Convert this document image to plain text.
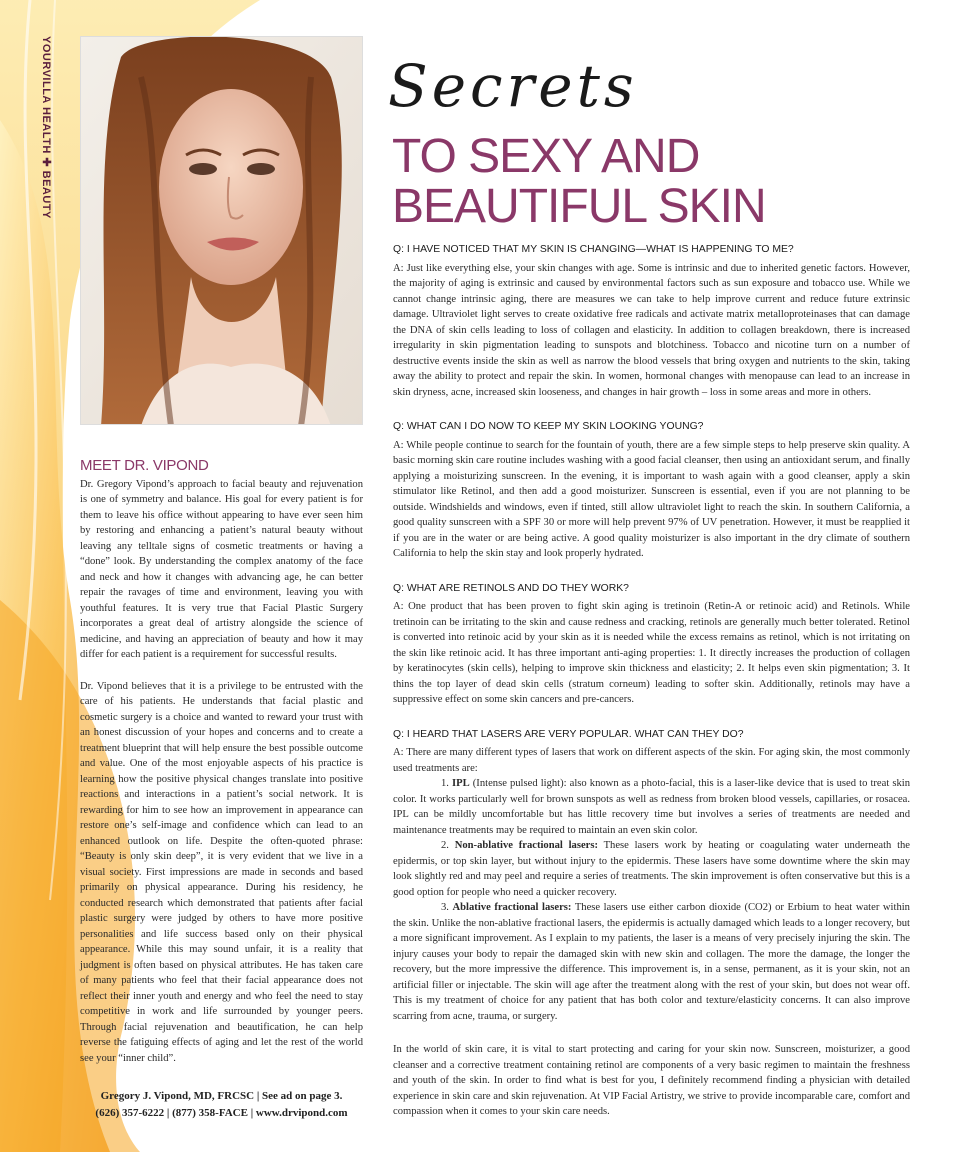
YOURVILLA HEALTH ✚ BEAUTY	Secrets
TO SEXY AND
BEAUTIFUL SKIN
Q: I HAVE NOTICED THAT MY SKIN IS CHANGING—WHAT IS HAPPENING TO ME?
A: Just like everything else, your skin changes with age. Some is intrinsic and due to inherited genetic factors. However, the majority of aging is extrinsic and caused by environmental factors such as sun exposure and tobacco use. While we cannot change intrinsic aging, there are measures we can take to help improve current and reduce future extrinsic damage. Ultraviolet light serves to create oxidative free radicals and activate matrix metalloproteinases that can damage the DNA of skin cells leading to loss of collagen and elasticity. In addition to collagen breakdown, there is increased irregularity in skin pigmentation leading to sunspots and blotchiness. Tobacco and nicotine turn on a number of destructive events inside the skin as well as narrow the blood vessels that bring oxygen and nutrients to the skin, taking away the ability to protect and repair the skin. In women, hormonal changes with menopause can lead to an increase in skin dryness, acne, increased skin looseness, and changes in hair growth – loss in some areas and more in others.
Q: WHAT CAN I DO NOW TO KEEP MY SKIN LOOKING YOUNG?
A: While people continue to search for the fountain of youth, there are a few simple steps to help preserve skin quality. A basic morning skin care routine includes washing with a good facial cleanser, then using an antioxidant serum, and finally applying a moisturizing sunscreen. In the evening, it is important to wash again with a good cleanser, apply a skin stimulator like Retinol, and then add a good moisturizer. Sunscreen is essential, even if you are not planning to be outside. Windshields and windows, even if tinted, still allow ultraviolet light to reach the skin. In southern California, a good quality sunscreen with a SPF 30 or more will help prevent 97% of UV penetration. However, it must be reapplied it if you are in the water or are being active. A good quality moisturizer is also important in the dry climate of southern California to help the skin stay and look properly hydrated.
Q: WHAT ARE RETINOLS AND DO THEY WORK?
A: One product that has been proven to fight skin aging is tretinoin (Retin-A or retinoic acid) and Retinols. While tretinoin can be irritating to the skin and cause redness and cracking, retinols are generally much better tolerated. Retinol is converted into retinoic acid by your skin as it is needed while the excess remains as retinol, which is not irritating on the skin like retinoic acid. It has three important anti-aging properties: 1. It directly increases the production of collagen by keratinocytes (skin cells), helping to improve skin thickness and elasticity; 2. It helps even skin pigmentation; 3. It thins the top layer of dead skin cells (stratum corneum) leading to softer skin. Additionally, retinols may have a suppressive effect on some skin cancers and pre-cancers.
Q: I HEARD THAT LASERS ARE VERY POPULAR. WHAT CAN THEY DO?
A: There are many different types of lasers that work on different aspects of the skin. For aging skin, the most commonly used treatments are:

1. IPL (Intense pulsed light): also known as a photo-facial, this is a laser-like device that is used to treat skin color. It works particularly well for brown sunspots as well as redness from broken blood vessels, capillaries, or rosacea. IPL can be mildly uncomfortable but has little recovery time but involves a series of treatments are needed and maintenance treatments may be required to maintain an even skin color.

2. Non-ablative fractional lasers: These lasers work by heating or coagulating water underneath the epidermis, or top skin layer, but without injury to the epidermis. These lasers have some downtime where the skin may look slightly red and may peel and require a series of treatments. The skin improvement is often conservative but this is a good option for people who need a quicker recovery.

3. Ablative fractional lasers: These lasers use either carbon dioxide (CO2) or Erbium to heat water within the skin. Unlike the non-ablative fractional lasers, the epidermis is actually damaged which leads to a longer recovery, but a more significant improvement. As I explain to my patients, the laser is a means of very precisely injuring the skin. The injury causes your body to repair the damaged skin with new skin and collagen. The more the damage, the longer the recovery, but the more impressive the difference. This improvement is, in a sense, permanent, as it is your skin, not an artificial filler or injectable. The skin will age after the treatment along with the rest of your skin, but does not wear off. This is my treatment of choice for any patient that has both color and texture/elasticity concerns. It can also improve scarring from acne, trauma, or surgery.

In the world of skin care, it is vital to start protecting and caring for your skin now. Sunscreen, moisturizer, a good cleanser and a corrective treatment containing retinol are components of a very basic regimen to maintain the freshness and youth of the skin. In order to find what is best for you, I definitely recommend finding a physician with detailed experience in skin care and skin rejuvenation. At VIP Facial Artistry, we strive to provide incomparable care, comfort and compassion when it comes to your skin care needs.

MEET DR. VIPOND

Dr. Gregory Vipond’s approach to facial beauty and rejuvenation is one of symmetry and balance. His goal for every patient is for them to leave his office without appearing to have ever seen him by restoring and enhancing a patient’s natural beauty without leaving any telltale signs of cosmetic treatments or having a “done” look. By understanding the complex anatomy of the face and neck and how it changes with advancing age, he can better repair the ravages of time and environment, leaving you with youthful features. It is very true that Facial Plastic Surgery incorporates a great deal of artistry alongside the science of medicine, and having an appreciation of beauty and how it may differ for each patient is a requirement for successful results.

Dr. Vipond believes that it is a privilege to be entrusted with the care of his patients. He understands that facial plastic and cosmetic surgery is a choice and wanted to reward your trust with an honest discussion of your hopes and concerns and to create a treatment blueprint that will help ensure the best possible outcome and value. One of the most enjoyable aspects of his practice is learning how the positive physical changes translate into positive reactions and interactions in a patient’s social network. It is rewarding for him to see how an improvement in appearance can restore one’s self-image and confidence which can lead to an enhanced outlook on life. Despite the often-quoted phrase: “Beauty is only skin deep”, it is very evident that we live in a visual society. First impressions are made in seconds and based primarily on physical appearance. During his residency, he conducted research which demonstrated that patients after facial plastic surgery were judged by others to have more positive personalities and life success based only on their physical appearance. While this may sound unfair, it is a reality that judgment is often based on physical attributes. He has taken care of many patients who feel that their facial appearance does not reflect their inner youth and energy and who feel the need to stay competitive in work and life surrounded by younger peers. Through facial rejuvenation and beautification, he can help reverse the fatiguing effects of aging and let the rest of the world see your “inner child”.

Gregory J. Vipond, MD, FRCSC | See ad on page 3.
(626) 357-6222 | (877) 358-FACE | www.drvipond.com
